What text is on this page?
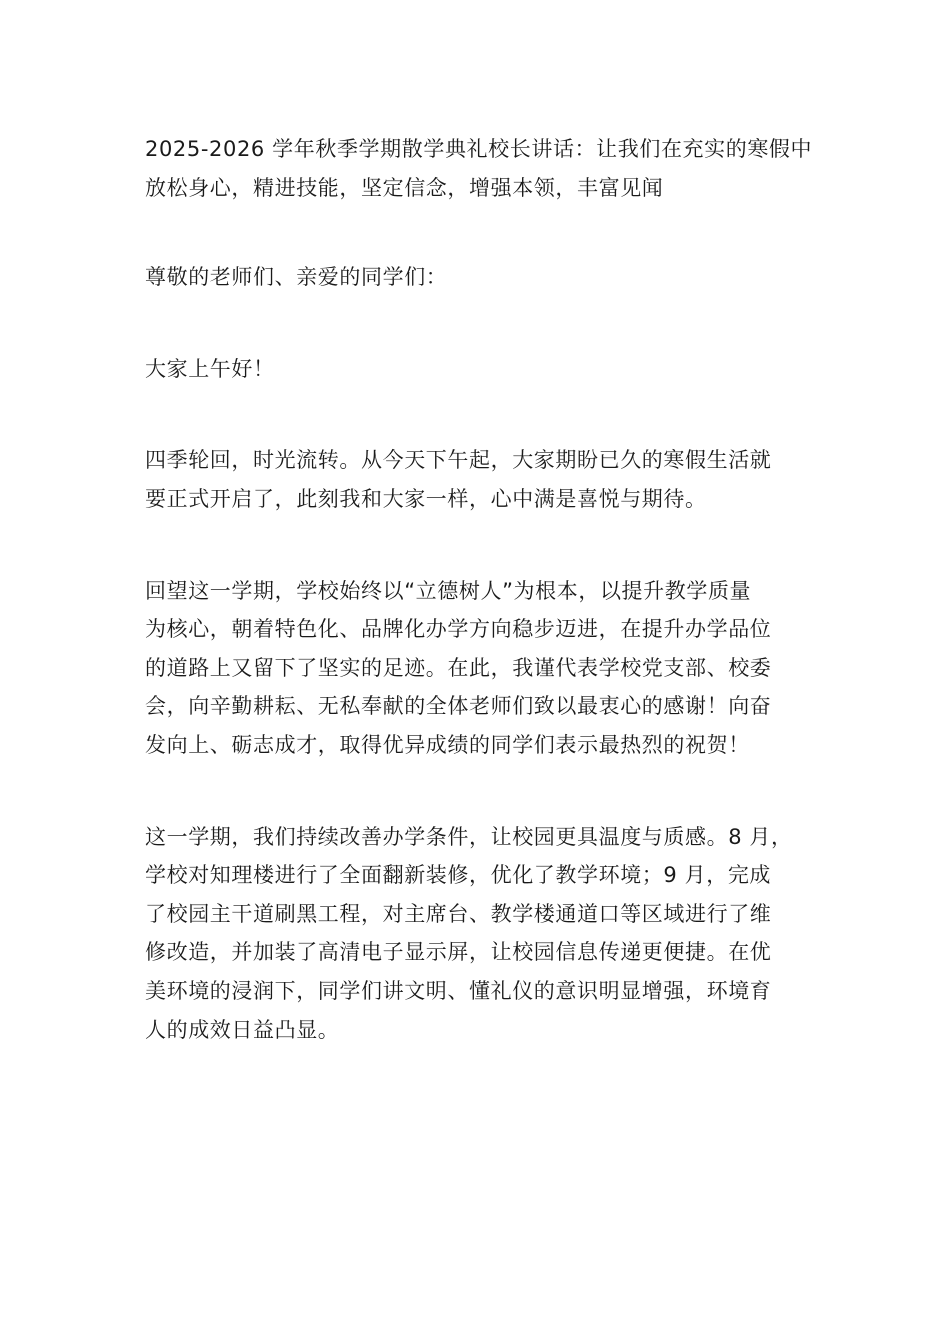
2025-2026 学年秋季学期散学典礼校长讲话：让我们在充实的寒假中
放松身心，精进技能，坚定信念，增强本领，丰富见闻
尊敬的老师们、亲爱的同学们：
大家上午好！
四季轮回，时光流转。从今天下午起，大家期盼已久的寒假生活就
要正式开启了，此刻我和大家一样，心中满是喜悦与期待。
回望这一学期，学校始终以“立德树人”为根本，以提升教学质量
为核心，朝着特色化、品牌化办学方向稳步迈进，在提升办学品位
的道路上又留下了坚实的足迹。在此，我谨代表学校党支部、校委
会，向辛勤耕耘、无私奉献的全体老师们致以最衷心的感谢！向奋
发向上、砺志成才，取得优异成绩的同学们表示最热烈的祝贺！
这一学期，我们持续改善办学条件，让校园更具温度与质感。8 月，
学校对知理楼进行了全面翻新装修，优化了教学环境；9 月，完成
了校园主干道刷黑工程，对主席台、教学楼通道口等区域进行了维
修改造，并加装了高清电子显示屏，让校园信息传递更便捷。在优
美环境的浸润下，同学们讲文明、懂礼仪的意识明显增强，环境育
人的成效日益凸显。
